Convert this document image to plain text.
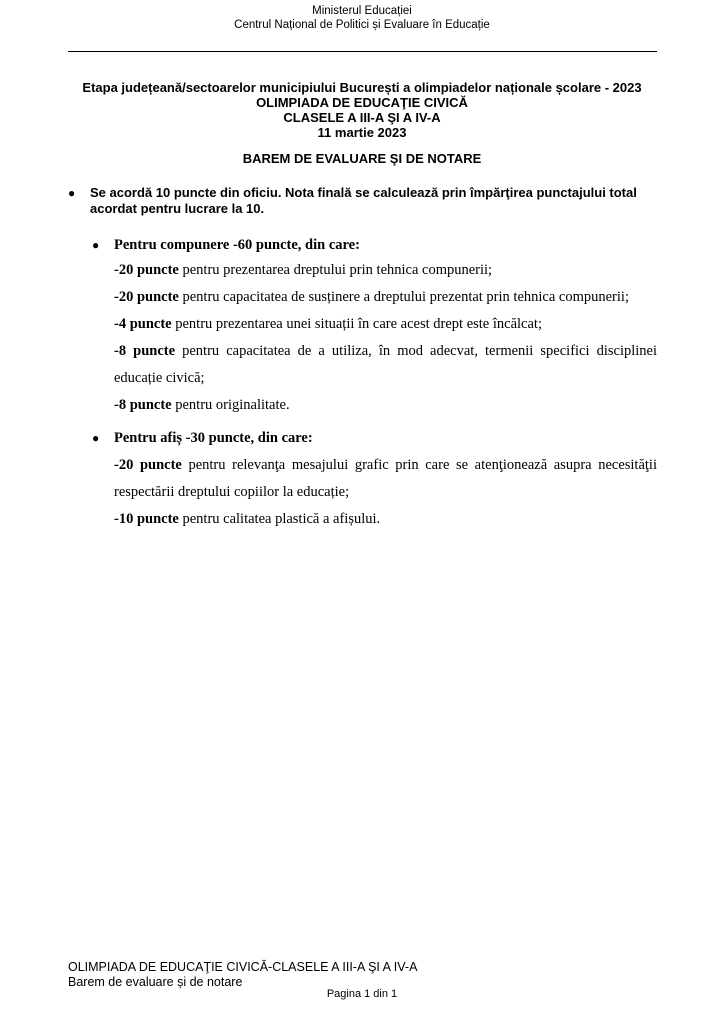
Ministerul Educației
Centrul Național de Politici și Evaluare în Educație
Etapa județeană/sectoarelor municipiului București a olimpiadelor naționale școlare - 2023
OLIMPIADA DE EDUCAŢIE CIVICĂ
CLASELE A III-A ŞI A IV-A
11 martie 2023
BAREM DE EVALUARE ŞI DE NOTARE
● Se acordă 10 puncte din oficiu. Nota finală se calculează prin împărţirea punctajului total acordat pentru lucrare la 10.
● Pentru compunere -60 puncte, din care:
-20 puncte pentru prezentarea dreptului prin tehnica compunerii;
-20 puncte pentru capacitatea de susținere a dreptului prezentat prin tehnica compunerii;
-4 puncte pentru prezentarea unei situații în care acest drept este încălcat;
-8 puncte pentru capacitatea de a utiliza, în mod adecvat, termenii specifici disciplinei educație civică;
-8 puncte pentru originalitate.
● Pentru afiș -30 puncte, din care:
-20 puncte pentru relevanţa mesajului grafic prin care se atenţionează asupra necesităţii respectării dreptului copiilor la educație;
-10 puncte pentru calitatea plastică a afișului.
OLIMPIADA DE EDUCAŢIE CIVICĂ-CLASELE A III-A ŞI A IV-A
Barem de evaluare și de notare
Pagina 1 din 1
